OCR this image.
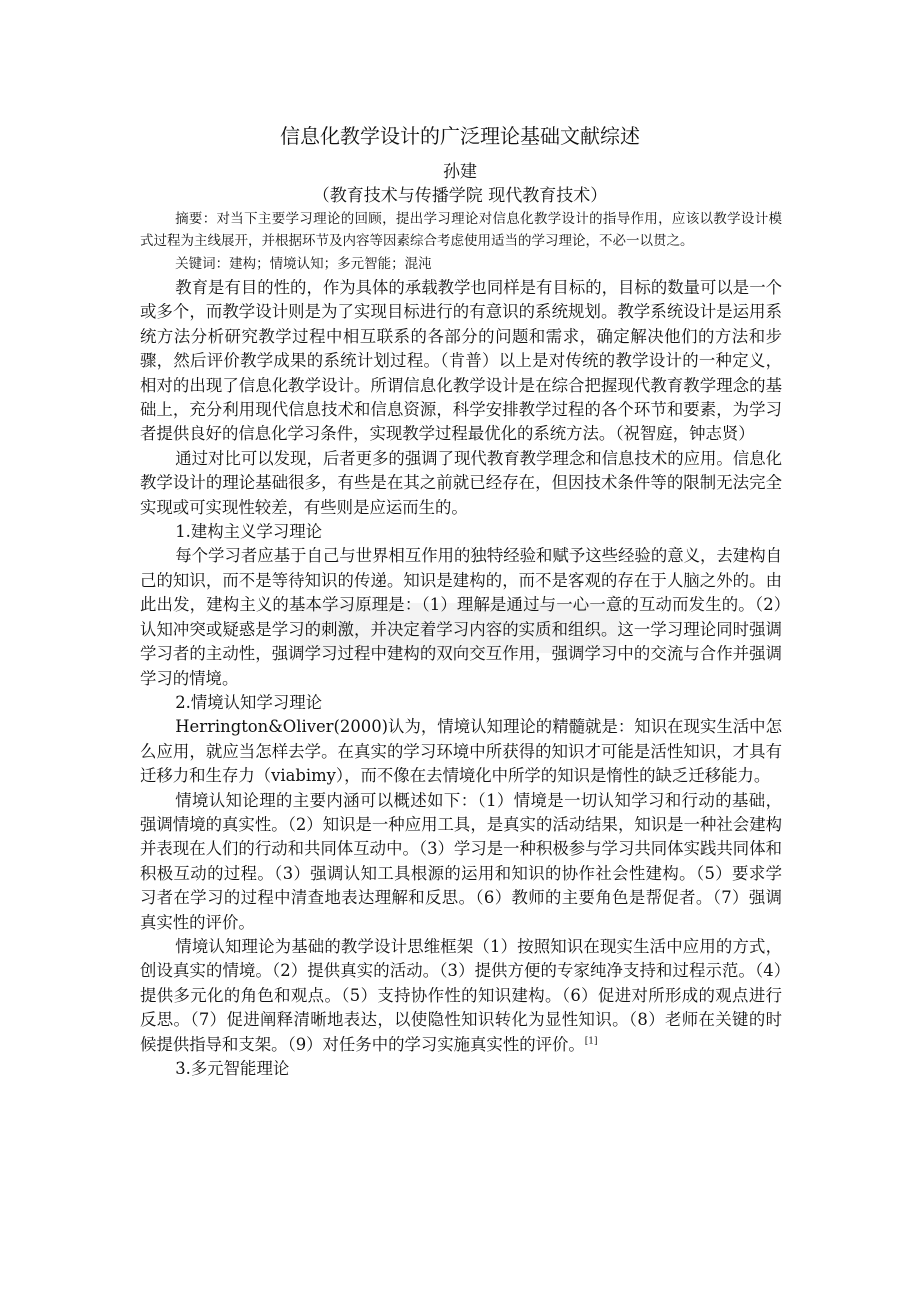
信息化教学设计的广泛理论基础文献综述
孙建
（教育技术与传播学院 现代教育技术）

摘要：对当下主要学习理论的回顾，提出学习理论对信息化教学设计的指导作用，应该以教学设计模式过程为主线展开，并根据环节及内容等因素综合考虑使用适当的学习理论，不必一以贯之。

关键词：建构；情境认知；多元智能；混沌

教育是有目的性的，作为具体的承载教学也同样是有目标的，目标的数量可以是一个或多个，而教学设计则是为了实现目标进行的有意识的系统规划。教学系统设计是运用系统方法分析研究教学过程中相互联系的各部分的问题和需求，确定解决他们的方法和步骤，然后评价教学成果的系统计划过程。（肯普）以上是对传统的教学设计的一种定义，相对的出现了信息化教学设计。所谓信息化教学设计是在综合把握现代教育教学理念的基础上，充分利用现代信息技术和信息资源，科学安排教学过程的各个环节和要素，为学习者提供良好的信息化学习条件，实现教学过程最优化的系统方法。（祝智庭，钟志贤）

通过对比可以发现，后者更多的强调了现代教育教学理念和信息技术的应用。信息化教学设计的理论基础很多，有些是在其之前就已经存在，但因技术条件等的限制无法完全实现或可实现性较差，有些则是应运而生的。

1.建构主义学习理论

每个学习者应基于自己与世界相互作用的独特经验和赋予这些经验的意义，去建构自己的知识，而不是等待知识的传递。知识是建构的，而不是客观的存在于人脑之外的。由此出发，建构主义的基本学习原理是：（1）理解是通过与一心一意的互动而发生的。（2）认知冲突或疑惑是学习的刺激，并决定着学习内容的实质和组织。这一学习理论同时强调学习者的主动性，强调学习过程中建构的双向交互作用，强调学习中的交流与合作并强调学习的情境。

2.情境认知学习理论

Herrington&Oliver(2000)认为，情境认知理论的精髓就是：知识在现实生活中怎么应用，就应当怎样去学。在真实的学习环境中所获得的知识才可能是活性知识，才具有迁移力和生存力（viabimy），而不像在去情境化中所学的知识是惰性的缺乏迁移能力。

情境认知论理的主要内涵可以概述如下：（1）情境是一切认知学习和行动的基础，强调情境的真实性。（2）知识是一种应用工具，是真实的活动结果，知识是一种社会建构并表现在人们的行动和共同体互动中。（3）学习是一种积极参与学习共同体实践共同体和积极互动的过程。（3）强调认知工具根源的运用和知识的协作社会性建构。（5）要求学习者在学习的过程中清查地表达理解和反思。（6）教师的主要角色是帮促者。（7）强调真实性的评价。

情境认知理论为基础的教学设计思维框架（1）按照知识在现实生活中应用的方式，创设真实的情境。（2）提供真实的活动。（3）提供方便的专家纯净支持和过程示范。（4）提供多元化的角色和观点。（5）支持协作性的知识建构。（6）促进对所形成的观点进行反思。（7）促进阐释清晰地表达，以使隐性知识转化为显性知识。（8）老师在关键的时候提供指导和支架。（9）对任务中的学习实施真实性的评价。[1]

3.多元智能理论
